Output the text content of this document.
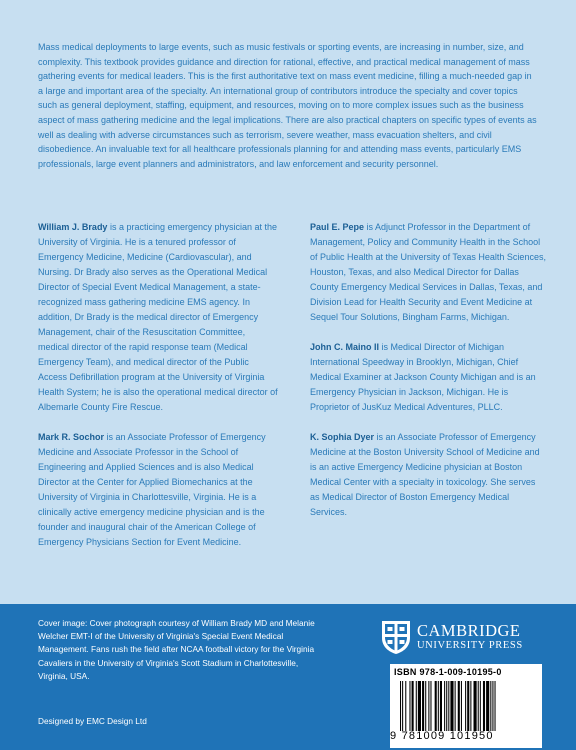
Mass medical deployments to large events, such as music festivals or sporting events, are increasing in number, size, and complexity. This textbook provides guidance and direction for rational, effective, and practical medical management of mass gathering events for medical leaders. This is the first authoritative text on mass event medicine, filling a much-needed gap in a large and important area of the specialty. An international group of contributors introduce the specialty and cover topics such as general deployment, staffing, equipment, and resources, moving on to more complex issues such as the business aspect of mass gathering medicine and the legal implications. There are also practical chapters on specific types of events as well as dealing with adverse circumstances such as terrorism, severe weather, mass evacuation shelters, and civil disobedience. An invaluable text for all healthcare professionals planning for and attending mass events, particularly EMS professionals, large event planners and administrators, and law enforcement and security personnel.

William J. Brady is a practicing emergency physician at the University of Virginia. He is a tenured professor of Emergency Medicine, Medicine (Cardiovascular), and Nursing. Dr Brady also serves as the Operational Medical Director of Special Event Medical Management, a state-recognized mass gathering medicine EMS agency. In addition, Dr Brady is the medical director of Emergency Management, chair of the Resuscitation Committee, medical director of the rapid response team (Medical Emergency Team), and medical director of the Public Access Defibrillation program at the University of Virginia Health System; he is also the operational medical director of Albemarle County Fire Rescue.

Mark R. Sochor is an Associate Professor of Emergency Medicine and Associate Professor in the School of Engineering and Applied Sciences and is also Medical Director at the Center for Applied Biomechanics at the University of Virginia in Charlottesville, Virginia. He is a clinically active emergency medicine physician and is the founder and inaugural chair of the American College of Emergency Physicians Section for Event Medicine.

Paul E. Pepe is Adjunct Professor in the Department of Management, Policy and Community Health in the School of Public Health at the University of Texas Health Sciences, Houston, Texas, and also Medical Director for Dallas County Emergency Medical Services in Dallas, Texas, and Division Lead for Health Security and Event Medicine at Sequel Tour Solutions, Bingham Farms, Michigan.

John C. Maino II is Medical Director of Michigan International Speedway in Brooklyn, Michigan, Chief Medical Examiner at Jackson County Michigan and is an Emergency Physician in Jackson, Michigan. He is Proprietor of JusKuz Medical Adventures, PLLC.

K. Sophia Dyer is an Associate Professor of Emergency Medicine at the Boston University School of Medicine and is an active Emergency Medicine physician at Boston Medical Center with a specialty in toxicology. She serves as Medical Director of Boston Emergency Medical Services.

Cover image: Cover photograph courtesy of William Brady MD and Melanie Welcher EMT-I of the University of Virginia's Special Event Medical Management. Fans rush the field after NCAA football victory for the Virginia Cavaliers in the University of Virginia's Scott Stadium in Charlottesville, Virginia, USA.

Designed by EMC Design Ltd
CAMBRIDGE
UNIVERSITY PRESS
ISBN 978-1-009-10195-0
9 781009 101950
